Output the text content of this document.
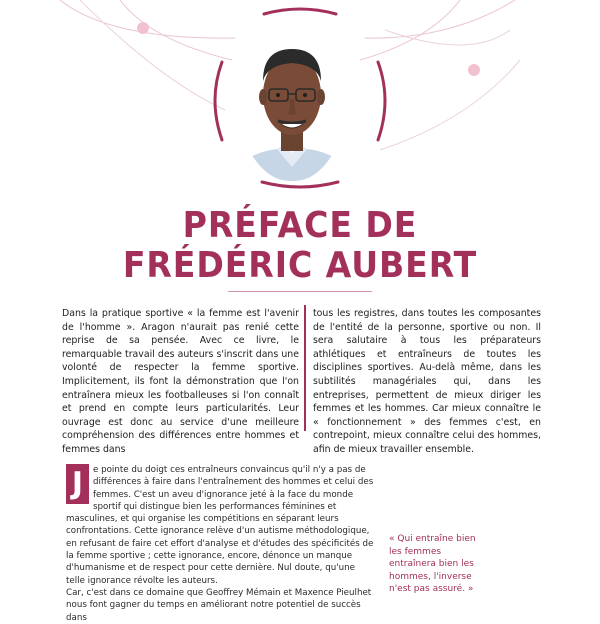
PRÉFACE DE
FRÉDÉRIC AUBERT
Dans la pratique sportive « la femme est l'avenir de l'homme ». Aragon n'aurait pas renié cette reprise de sa pensée. Avec ce livre, le remarquable travail des auteurs s'inscrit dans une volonté de respecter la femme sportive. Implicitement, ils font la démonstration que l'on entraînera mieux les footballeuses si l'on connaît et prend en compte leurs particularités. Leur ouvrage est donc au service d'une meilleure compréhension des différences entre hommes et femmes dans
tous les registres, dans toutes les composantes de l'entité de la personne, sportive ou non. Il sera salutaire à tous les préparateurs athlétiques et entraîneurs de toutes les disciplines sportives. Au-delà même, dans les subtilités managériales qui, dans les entreprises, permettent de mieux diriger les femmes et les hommes. Car mieux connaître le « fonctionnement » des femmes c'est, en contrepoint, mieux connaître celui des hommes, afin de mieux travailler ensemble.
J	e pointe du doigt ces entraîneurs convaincus qu'il n'y a pas de différences à faire dans l'entraînement des hommes et celui des femmes. C'est un aveu d'ignorance jeté à la face du monde sportif qui distingue bien les performances féminines et masculines, et qui organise les compétitions en séparant leurs confrontations. Cette ignorance relève d'un autisme méthodologique, en refusant de faire cet effort d'analyse et d'études des spécificités de la femme sportive ; cette ignorance, encore, dénonce un manque d'humanisme et de respect pour cette dernière. Nul doute, qu'une telle ignorance révolte les auteurs.

Car, c'est dans ce domaine que Geoffrey Mémain et Maxence Pieulhet nous font gagner du temps en améliorant notre potentiel de succès dans

« Qui entraîne bien les femmes entraînera bien les hommes, l'inverse n'est pas assuré. »
